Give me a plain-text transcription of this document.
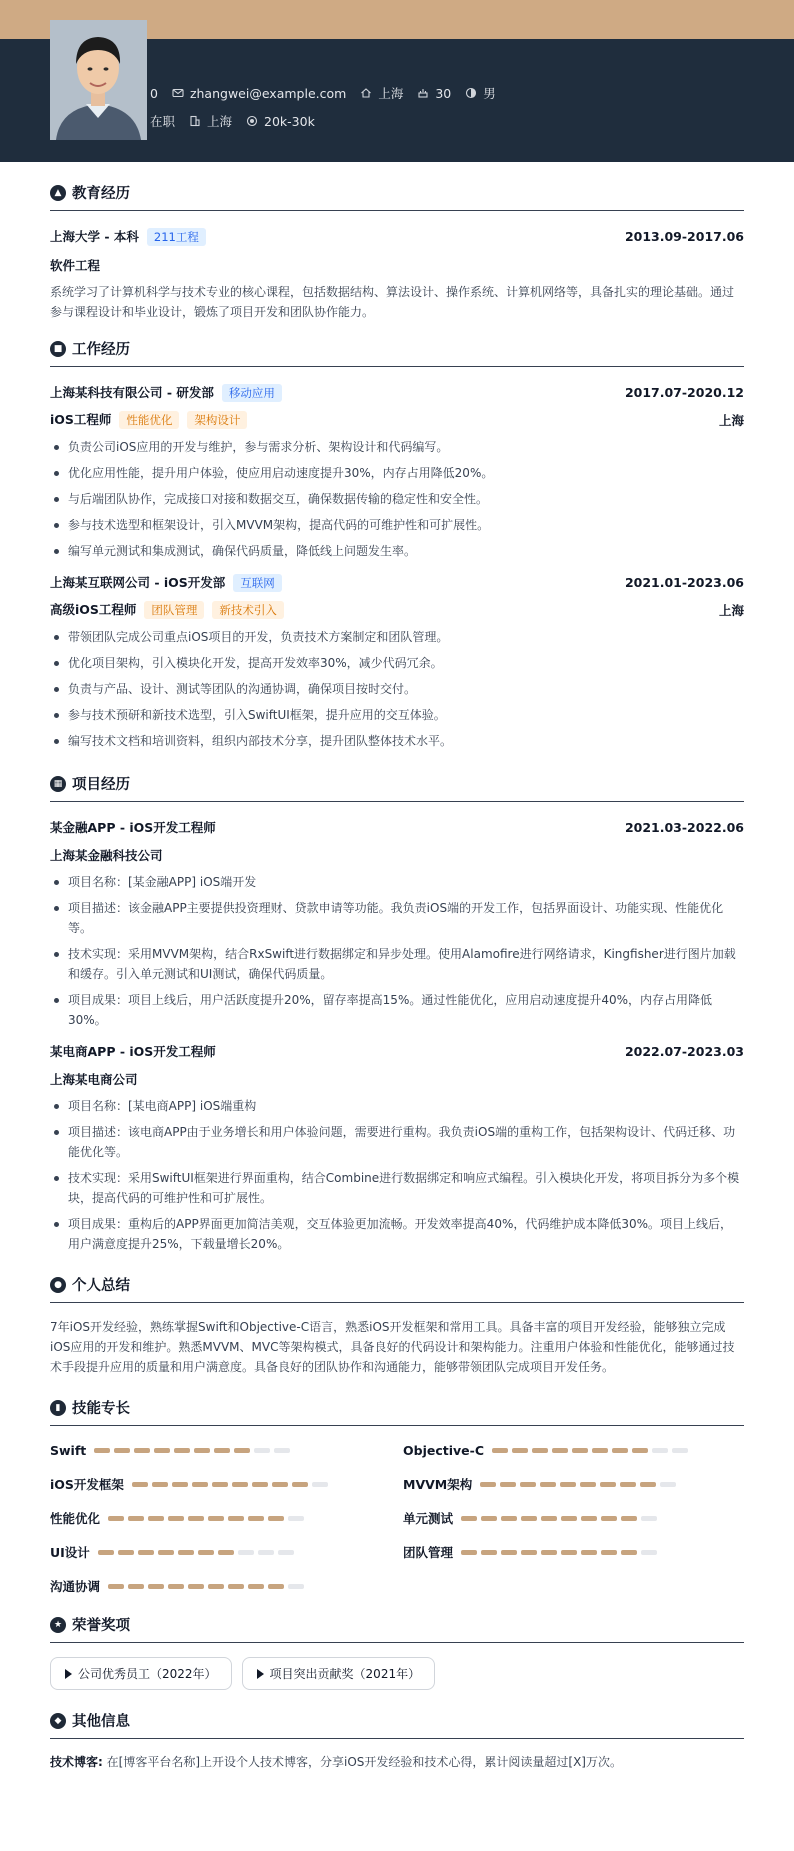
0	zhangwei@example.com	上海	30	男
在职	上海	20k-30k
▲ 教育经历
上海大学 - 本科 211工程	2013.09-2017.06
软件工程
系统学习了计算机科学与技术专业的核心课程，包括数据结构、算法设计、操作系统、计算机网络等，具备扎实的理论基础。通过参与课程设计和毕业设计，锻炼了项目开发和团队协作能力。
■ 工作经历
上海某科技有限公司 - 研发部 移动应用	2017.07-2020.12
iOS工程师 性能优化 架构设计	上海
负责公司iOS应用的开发与维护，参与需求分析、架构设计和代码编写。
优化应用性能，提升用户体验，使应用启动速度提升30%，内存占用降低20%。
与后端团队协作，完成接口对接和数据交互，确保数据传输的稳定性和安全性。
参与技术选型和框架设计，引入MVVM架构，提高代码的可维护性和可扩展性。
编写单元测试和集成测试，确保代码质量，降低线上问题发生率。
上海某互联网公司 - iOS开发部 互联网	2021.01-2023.06
高级iOS工程师 团队管理 新技术引入	上海
带领团队完成公司重点iOS项目的开发，负责技术方案制定和团队管理。
优化项目架构，引入模块化开发，提高开发效率30%，减少代码冗余。
负责与产品、设计、测试等团队的沟通协调，确保项目按时交付。
参与技术预研和新技术选型，引入SwiftUI框架，提升应用的交互体验。
编写技术文档和培训资料，组织内部技术分享，提升团队整体技术水平。
▦ 项目经历
某金融APP - iOS开发工程师	2021.03-2022.06
上海某金融科技公司
项目名称：[某金融APP] iOS端开发
项目描述：该金融APP主要提供投资理财、贷款申请等功能。我负责iOS端的开发工作，包括界面设计、功能实现、性能优化等。
技术实现：采用MVVM架构，结合RxSwift进行数据绑定和异步处理。使用Alamofire进行网络请求，Kingfisher进行图片加载和缓存。引入单元测试和UI测试，确保代码质量。
项目成果：项目上线后，用户活跃度提升20%，留存率提高15%。通过性能优化，应用启动速度提升40%，内存占用降低30%。
某电商APP - iOS开发工程师	2022.07-2023.03
上海某电商公司
项目名称：[某电商APP] iOS端重构
项目描述：该电商APP由于业务增长和用户体验问题，需要进行重构。我负责iOS端的重构工作，包括架构设计、代码迁移、功能优化等。
技术实现：采用SwiftUI框架进行界面重构，结合Combine进行数据绑定和响应式编程。引入模块化开发，将项目拆分为多个模块，提高代码的可维护性和可扩展性。
项目成果：重构后的APP界面更加简洁美观，交互体验更加流畅。开发效率提高40%，代码维护成本降低30%。项目上线后，用户满意度提升25%，下载量增长20%。
● 个人总结
7年iOS开发经验，熟练掌握Swift和Objective-C语言，熟悉iOS开发框架和常用工具。具备丰富的项目开发经验，能够独立完成iOS应用的开发和维护。熟悉MVVM、MVC等架构模式，具备良好的代码设计和架构能力。注重用户体验和性能优化，能够通过技术手段提升应用的质量和用户满意度。具备良好的团队协作和沟通能力，能够带领团队完成项目开发任务。
▮ 技能专长
Swift	Objective-C
iOS开发框架	MVVM架构
性能优化	单元测试
UI设计	团队管理
沟通协调
★ 荣誉奖项
公司优秀员工（2022年）	项目突出贡献奖（2021年）
◆ 其他信息
技术博客: 在[博客平台名称]上开设个人技术博客，分享iOS开发经验和技术心得，累计阅读量超过[X]万次。
